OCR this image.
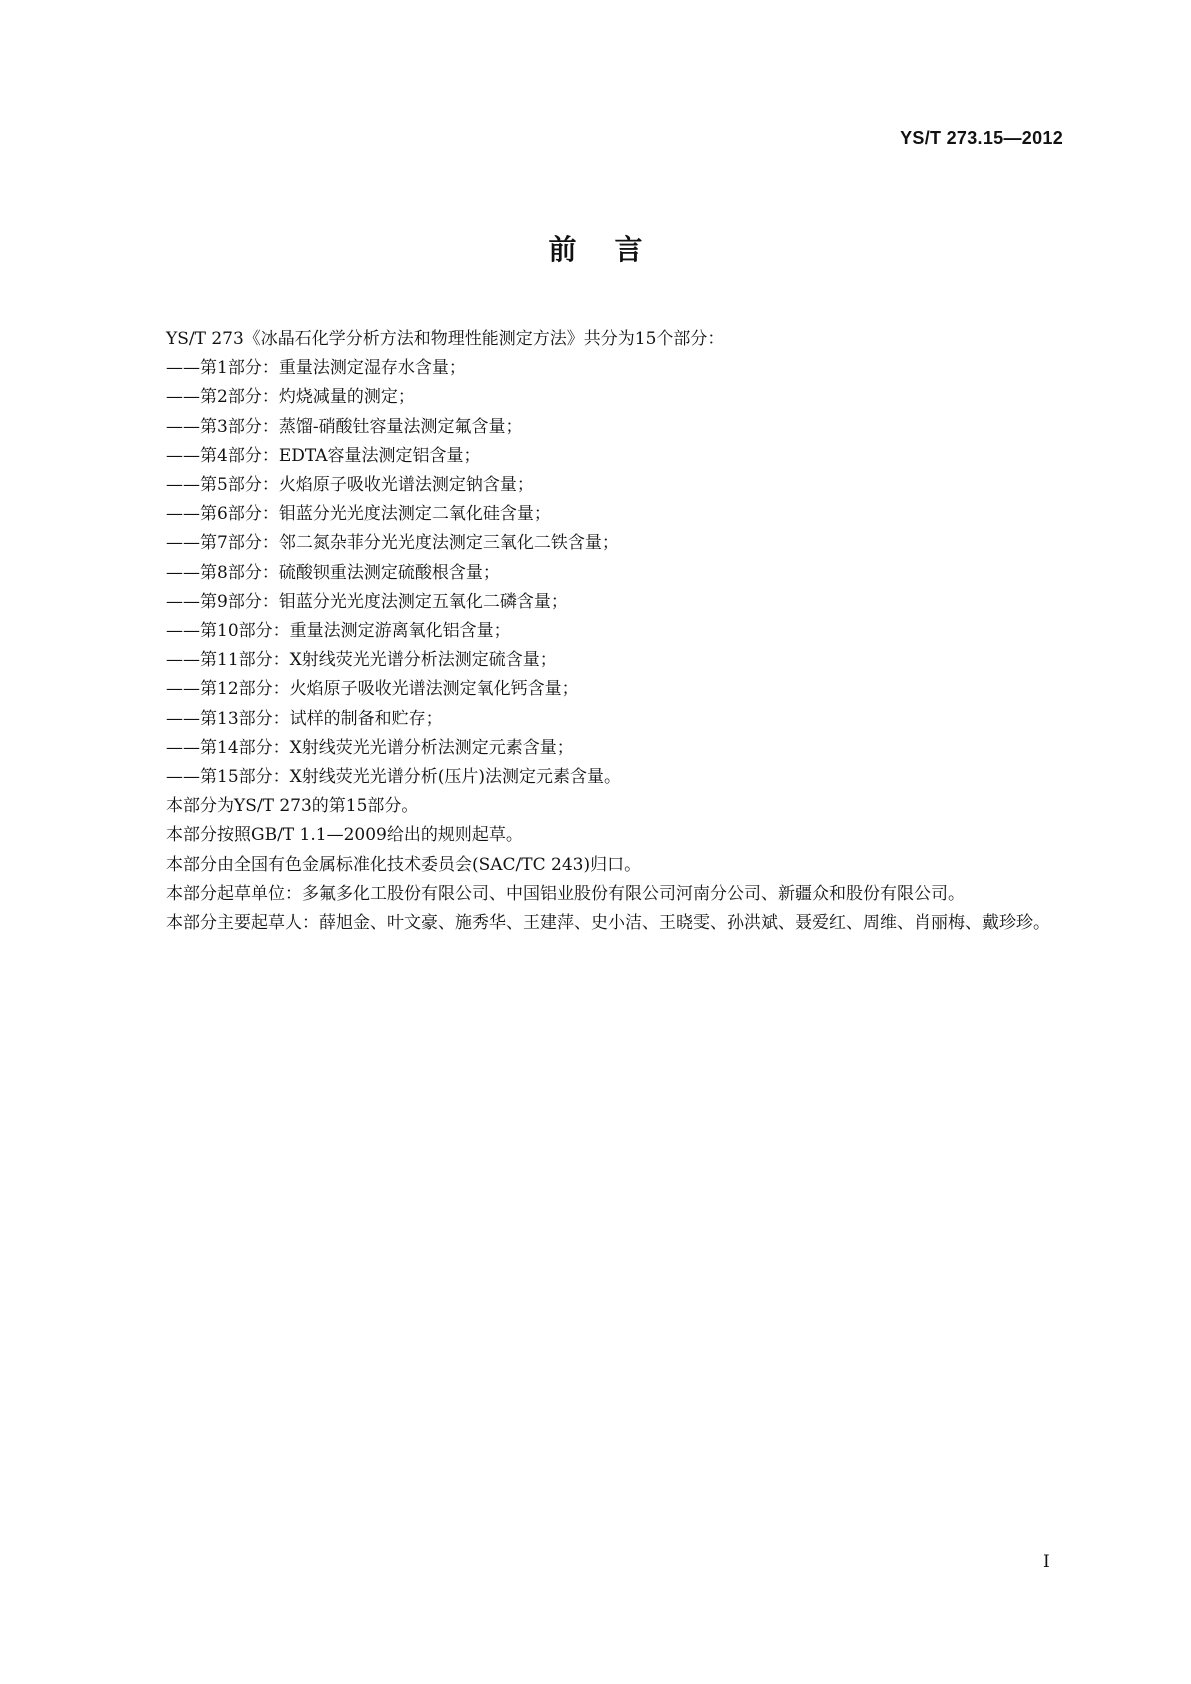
YS/T 273.15—2012
前言

YS/T 273《冰晶石化学分析方法和物理性能测定方法》共分为15个部分：

——第1部分：重量法测定湿存水含量；
——第2部分：灼烧减量的测定；
——第3部分：蒸馏-硝酸钍容量法测定氟含量；
——第4部分：EDTA容量法测定铝含量；
——第5部分：火焰原子吸收光谱法测定钠含量；
——第6部分：钼蓝分光光度法测定二氧化硅含量；
——第7部分：邻二氮杂菲分光光度法测定三氧化二铁含量；
——第8部分：硫酸钡重法测定硫酸根含量；
——第9部分：钼蓝分光光度法测定五氧化二磷含量；
——第10部分：重量法测定游离氧化铝含量；
——第11部分：X射线荧光光谱分析法测定硫含量；
——第12部分：火焰原子吸收光谱法测定氧化钙含量；
——第13部分：试样的制备和贮存；
——第14部分：X射线荧光光谱分析法测定元素含量；
——第15部分：X射线荧光光谱分析(压片)法测定元素含量。

本部分为YS/T 273的第15部分。

本部分按照GB/T 1.1—2009给出的规则起草。

本部分由全国有色金属标准化技术委员会(SAC/TC 243)归口。

本部分起草单位：多氟多化工股份有限公司、中国铝业股份有限公司河南分公司、新疆众和股份有限公司。

本部分主要起草人：薛旭金、叶文豪、施秀华、王建萍、史小洁、王晓雯、孙洪斌、聂爱红、周维、肖丽梅、戴珍珍。

I
